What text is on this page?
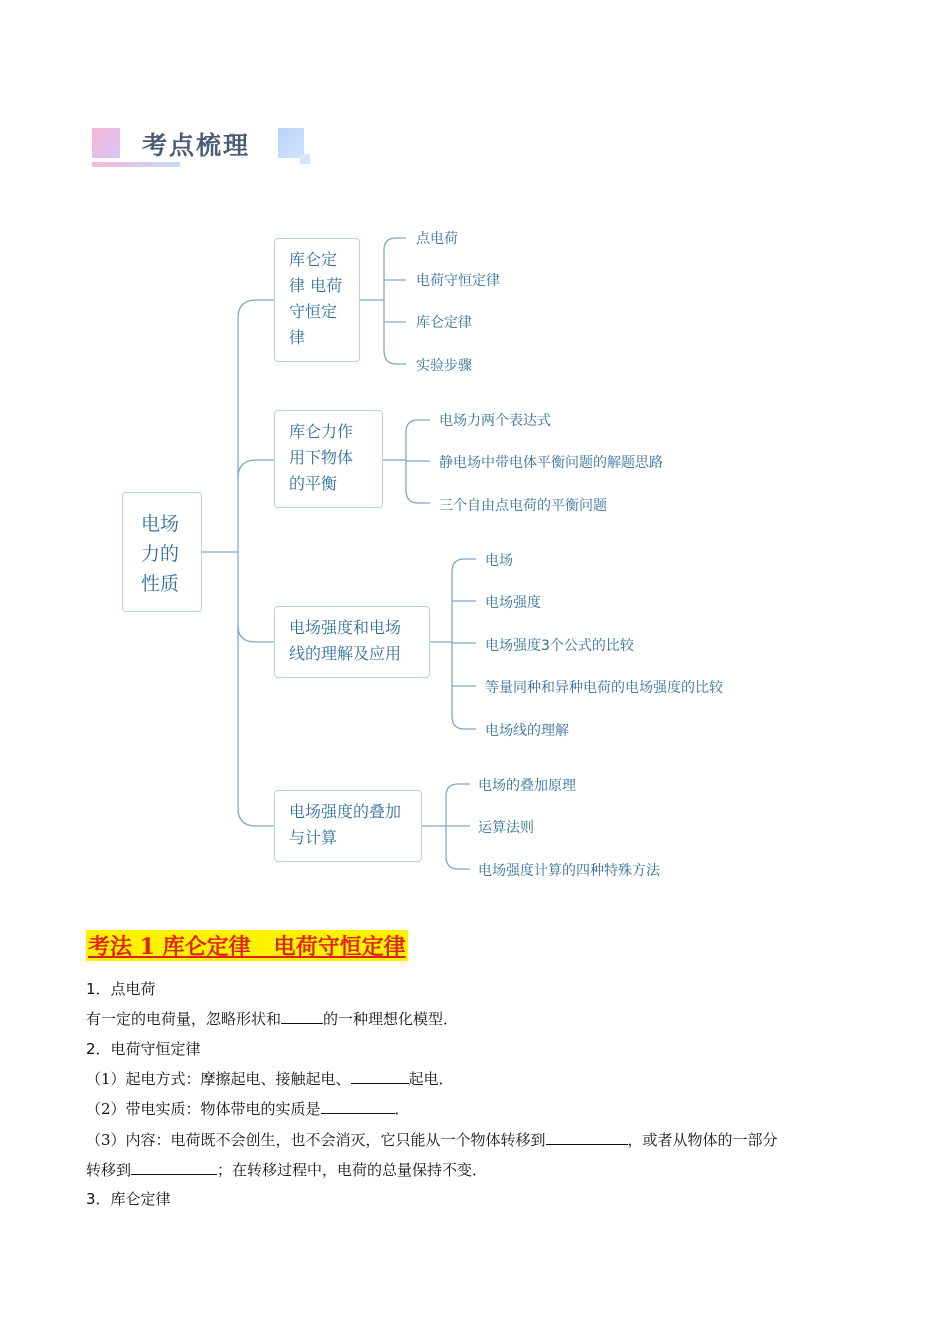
考点梳理
电场
力的
性质
库仑定
律 电荷
守恒定
律
点电荷
电荷守恒定律
库仑定律
实验步骤
库仑力作
用下物体
的平衡
电场力两个表达式
静电场中带电体平衡问题的解题思路
三个自由点电荷的平衡问题
电场强度和电场
线的理解及应用
电场
电场强度
电场强度3个公式的比较
等量同种和异种电荷的电场强度的比较
电场线的理解
电场强度的叠加
与计算
电场的叠加原理
运算法则
电场强度计算的四种特殊方法
考法 1 库仑定律   电荷守恒定律
1．点电荷
有一定的电荷量，忽略形状和	的一种理想化模型．
2．电荷守恒定律
（1）起电方式：摩擦起电、接触起电、	起电．
（2）带电实质：物体带电的实质是	．
（3）内容：电荷既不会创生，也不会消灭，它只能从一个物体转移到	，或者从物体的一部分
转移到	；在转移过程中，电荷的总量保持不变．
3．库仑定律
